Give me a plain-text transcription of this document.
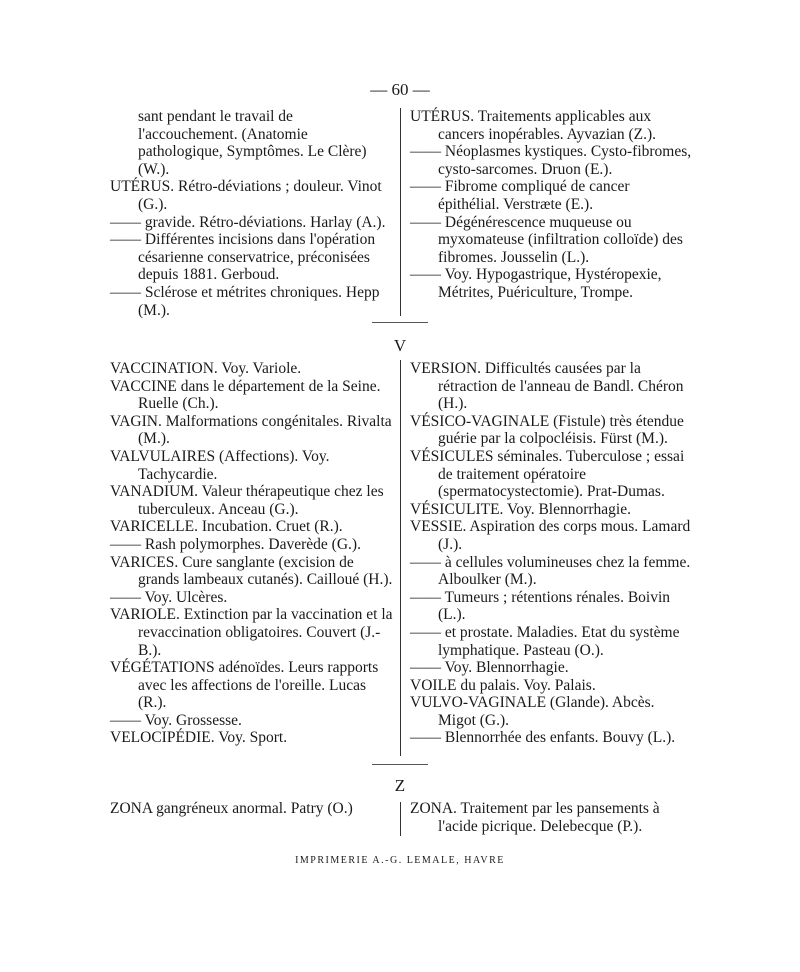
— 60 —

sant pendant le travail de l'accouchement. (Anatomie pathologique, Symptômes. Le Clère) (W.).

UTÉRUS. Rétro-déviations ; douleur. Vinot (G.).

—— gravide. Rétro-déviations. Harlay (A.).

—— Différentes incisions dans l'opération césarienne conservatrice, préconisées depuis 1881. Gerboud.

—— Sclérose et métrites chroniques. Hepp (M.).

UTÉRUS. Traitements applicables aux cancers inopérables. Ayvazian (Z.).

—— Néoplasmes kystiques. Cysto-fibromes, cysto-sarcomes. Druon (E.).

—— Fibrome compliqué de cancer épithélial. Verstræte (E.).

—— Dégénérescence muqueuse ou myxomateuse (infiltration colloïde) des fibromes. Jousselin (L.).

—— Voy. Hypogastrique, Hystéropexie, Métrites, Puériculture, Trompe.

V

VACCINATION. Voy. Variole.

VACCINE dans le département de la Seine. Ruelle (Ch.).

VAGIN. Malformations congénitales. Rivalta (M.).

VALVULAIRES (Affections). Voy. Tachycardie.

VANADIUM. Valeur thérapeutique chez les tuberculeux. Anceau (G.).

VARICELLE. Incubation. Cruet (R.).

—— Rash polymorphes. Daverède (G.).

VARICES. Cure sanglante (excision de grands lambeaux cutanés). Cailloué (H.).

—— Voy. Ulcères.

VARIOLE. Extinction par la vaccination et la revaccination obligatoires. Couvert (J.-B.).

VÉGÉTATIONS adénoïdes. Leurs rapports avec les affections de l'oreille. Lucas (R.).

—— Voy. Grossesse.

VELOCIPÉDIE. Voy. Sport.

VERSION. Difficultés causées par la rétraction de l'anneau de Bandl. Chéron (H.).

VÉSICO-VAGINALE (Fistule) très étendue guérie par la colpocléisis. Fürst (M.).

VÉSICULES séminales. Tuberculose ; essai de traitement opératoire (spermatocystectomie). Prat-Dumas.

VÉSICULITE. Voy. Blennorrhagie.

VESSIE. Aspiration des corps mous. Lamard (J.).

—— à cellules volumineuses chez la femme. Alboulker (M.).

—— Tumeurs ; rétentions rénales. Boivin (L.).

—— et prostate. Maladies. Etat du système lymphatique. Pasteau (O.).

—— Voy. Blennorrhagie.

VOILE du palais. Voy. Palais.

VULVO-VAGINALE (Glande). Abcès. Migot (G.).

—— Blennorrhée des enfants. Bouvy (L.).

Z

ZONA gangréneux anormal. Patry (O.)	ZONA. Traitement par les pansements à l'acide picrique. Delebecque (P.).

IMPRIMERIE A.-G. LEMALE, HAVRE
